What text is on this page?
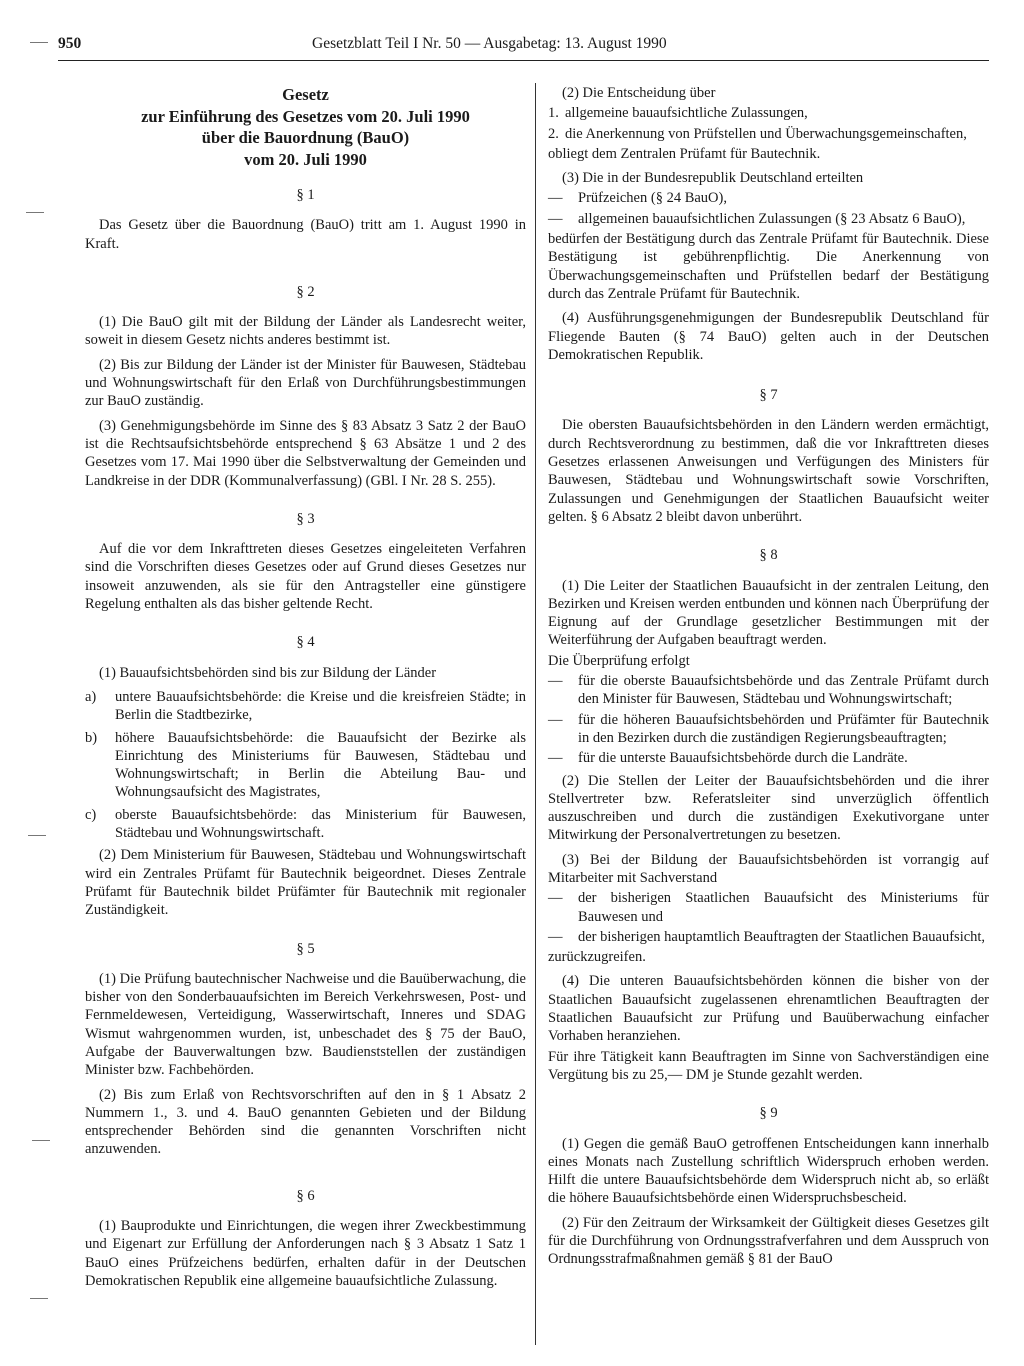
950	Gesetzblatt Teil I Nr. 50 — Ausgabetag: 13. August 1990
Gesetz
zur Einführung des Gesetzes vom 20. Juli 1990
über die Bauordnung (BauO)
vom 20. Juli 1990
§ 1

Das Gesetz über die Bauordnung (BauO) tritt am 1. August 1990 in Kraft.

§ 2

(1) Die BauO gilt mit der Bildung der Länder als Landesrecht weiter, soweit in diesem Gesetz nichts anderes bestimmt ist.

(2) Bis zur Bildung der Länder ist der Minister für Bauwesen, Städtebau und Wohnungswirtschaft für den Erlaß von Durchführungsbestimmungen zur BauO zuständig.

(3) Genehmigungsbehörde im Sinne des § 83 Absatz 3 Satz 2 der BauO ist die Rechtsaufsichtsbehörde entsprechend § 63 Absätze 1 und 2 des Gesetzes vom 17. Mai 1990 über die Selbstverwaltung der Gemeinden und Landkreise in der DDR (Kommunalverfassung) (GBl. I Nr. 28 S. 255).

§ 3

Auf die vor dem Inkrafttreten dieses Gesetzes eingeleiteten Verfahren sind die Vorschriften dieses Gesetzes oder auf Grund dieses Gesetzes nur insoweit anzuwenden, als sie für den Antragsteller eine günstigere Regelung enthalten als das bisher geltende Recht.

§ 4

(1) Bauaufsichtsbehörden sind bis zur Bildung der Länder

a)	untere Bauaufsichtsbehörde: die Kreise und die kreisfreien Städte; in Berlin die Stadtbezirke,
b)	höhere Bauaufsichtsbehörde: die Bauaufsicht der Bezirke als Einrichtung des Ministeriums für Bauwesen, Städtebau und Wohnungswirtschaft; in Berlin die Abteilung Bau- und Wohnungsaufsicht des Magistrates,
c)	oberste Bauaufsichtsbehörde: das Ministerium für Bauwesen, Städtebau und Wohnungswirtschaft.

(2) Dem Ministerium für Bauwesen, Städtebau und Wohnungswirtschaft wird ein Zentrales Prüfamt für Bautechnik beigeordnet. Dieses Zentrale Prüfamt für Bautechnik bildet Prüfämter für Bautechnik mit regionaler Zuständigkeit.

§ 5

(1) Die Prüfung bautechnischer Nachweise und die Bauüberwachung, die bisher von den Sonderbauaufsichten im Bereich Verkehrswesen, Post- und Fernmeldewesen, Verteidigung, Wasserwirtschaft, Inneres und SDAG Wismut wahrgenommen wurden, ist, unbeschadet des § 75 der BauO, Aufgabe der Bauverwaltungen bzw. Baudienststellen der zuständigen Minister bzw. Fachbehörden.

(2) Bis zum Erlaß von Rechtsvorschriften auf den in § 1 Absatz 2 Nummern 1., 3. und 4. BauO genannten Gebieten und der Bildung entsprechender Behörden sind die genannten Vorschriften nicht anzuwenden.

§ 6

(1) Bauprodukte und Einrichtungen, die wegen ihrer Zweckbestimmung und Eigenart zur Erfüllung der Anforderungen nach § 3 Absatz 1 Satz 1 BauO eines Prüfzeichens bedürfen, erhalten dafür in der Deutschen Demokratischen Republik eine allgemeine bauaufsichtliche Zulassung.

(2) Die Entscheidung über

1. allgemeine bauaufsichtliche Zulassungen,
2. die Anerkennung von Prüfstellen und Überwachungsgemeinschaften,

obliegt dem Zentralen Prüfamt für Bautechnik.

(3) Die in der Bundesrepublik Deutschland erteilten

—	Prüfzeichen (§ 24 BauO),
—	allgemeinen bauaufsichtlichen Zulassungen (§ 23 Absatz 6 BauO),

bedürfen der Bestätigung durch das Zentrale Prüfamt für Bautechnik. Diese Bestätigung ist gebührenpflichtig. Die Anerkennung von Überwachungsgemeinschaften und Prüfstellen bedarf der Bestätigung durch das Zentrale Prüfamt für Bautechnik.

(4) Ausführungsgenehmigungen der Bundesrepublik Deutschland für Fliegende Bauten (§ 74 BauO) gelten auch in der Deutschen Demokratischen Republik.

§ 7

Die obersten Bauaufsichtsbehörden in den Ländern werden ermächtigt, durch Rechtsverordnung zu bestimmen, daß die vor Inkrafttreten dieses Gesetzes erlassenen Anweisungen und Verfügungen des Ministers für Bauwesen, Städtebau und Wohnungswirtschaft sowie Vorschriften, Zulassungen und Genehmigungen der Staatlichen Bauaufsicht weiter gelten. § 6 Absatz 2 bleibt davon unberührt.

§ 8

(1) Die Leiter der Staatlichen Bauaufsicht in der zentralen Leitung, den Bezirken und Kreisen werden entbunden und können nach Überprüfung der Eignung auf der Grundlage gesetzlicher Bestimmungen mit der Weiterführung der Aufgaben beauftragt werden.

Die Überprüfung erfolgt

—	für die oberste Bauaufsichtsbehörde und das Zentrale Prüfamt durch den Minister für Bauwesen, Städtebau und Wohnungswirtschaft;
—	für die höheren Bauaufsichtsbehörden und Prüfämter für Bautechnik in den Bezirken durch die zuständigen Regierungsbeauftragten;
—	für die unterste Bauaufsichtsbehörde durch die Landräte.

(2) Die Stellen der Leiter der Bauaufsichtsbehörden und die ihrer Stellvertreter bzw. Referatsleiter sind unverzüglich öffentlich auszuschreiben und durch die zuständigen Exekutivorgane unter Mitwirkung der Personalvertretungen zu besetzen.

(3) Bei der Bildung der Bauaufsichtsbehörden ist vorrangig auf Mitarbeiter mit Sachverstand

—	der bisherigen Staatlichen Bauaufsicht des Ministeriums für Bauwesen und
—	der bisherigen hauptamtlich Beauftragten der Staatlichen Bauaufsicht,

zurückzugreifen.

(4) Die unteren Bauaufsichtsbehörden können die bisher von der Staatlichen Bauaufsicht zugelassenen ehrenamtlichen Beauftragten der Staatlichen Bauaufsicht zur Prüfung und Bauüberwachung einfacher Vorhaben heranziehen.

Für ihre Tätigkeit kann Beauftragten im Sinne von Sachverständigen eine Vergütung bis zu 25,— DM je Stunde gezahlt werden.

§ 9

(1) Gegen die gemäß BauO getroffenen Entscheidungen kann innerhalb eines Monats nach Zustellung schriftlich Widerspruch erhoben werden. Hilft die untere Bauaufsichtsbehörde dem Widerspruch nicht ab, so erläßt die höhere Bauaufsichtsbehörde einen Widerspruchsbescheid.

(2) Für den Zeitraum der Wirksamkeit der Gültigkeit dieses Gesetzes gilt für die Durchführung von Ordnungsstrafverfahren und dem Ausspruch von Ordnungsstrafmaßnahmen gemäß § 81 der BauO
